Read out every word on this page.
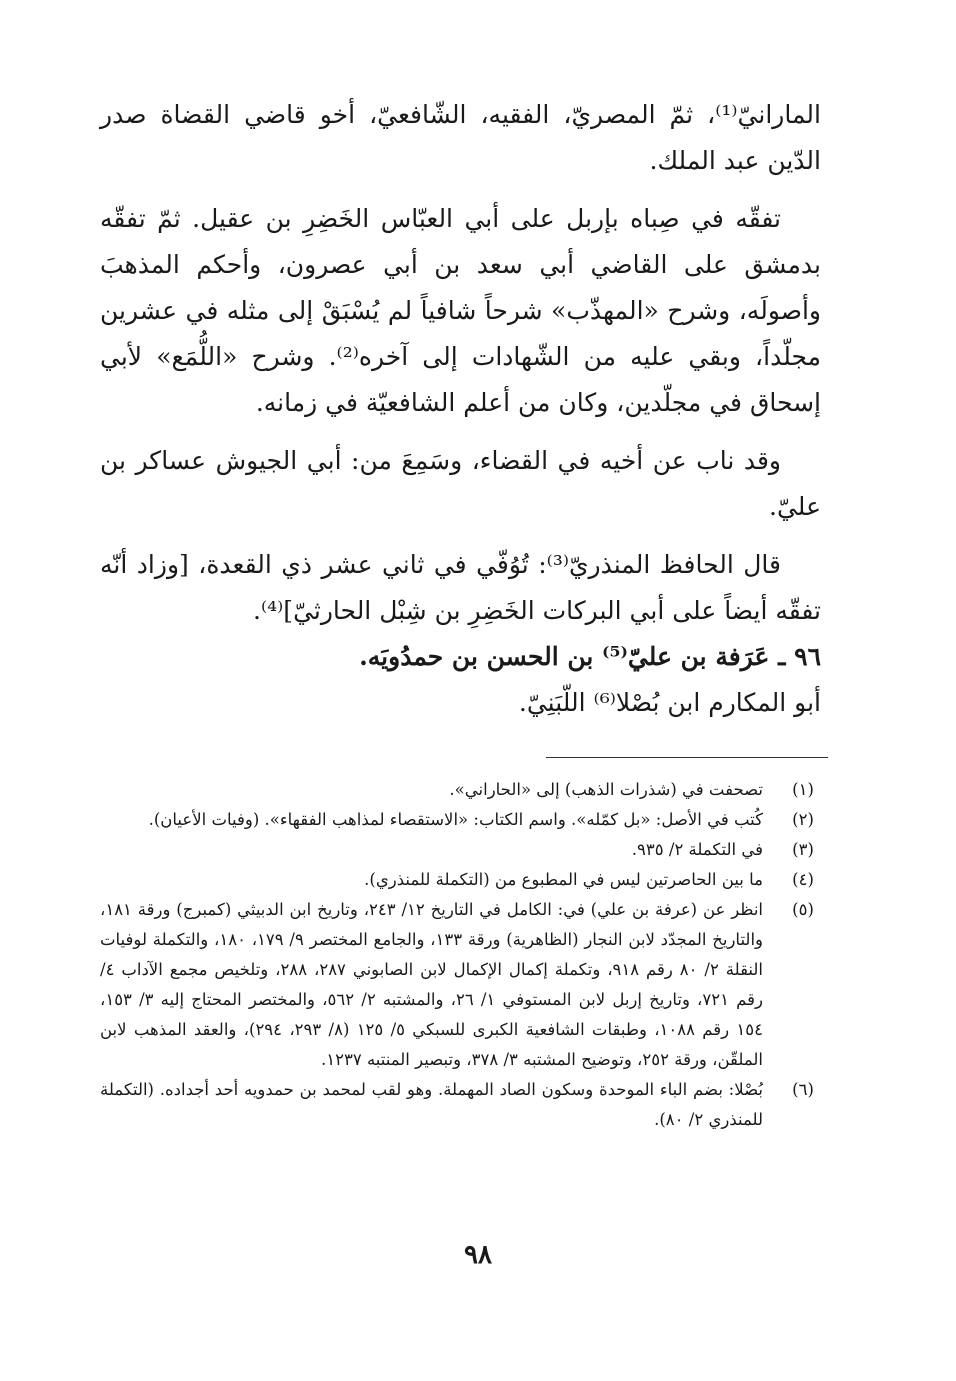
المارانيّ⁽¹⁾، ثمّ المصريّ، الفقيه، الشّافعيّ، أخو قاضي القضاة صدر الدّين عبد الملك.

تفقّه في صِباه بإربل على أبي العبّاس الخَضِرِ بن عقيل. ثمّ تفقّه بدمشق على القاضي أبي سعد بن أبي عصرون، وأحكم المذهبَ وأصولَه، وشرح «المهذّب» شرحاً شافياً لم يُسْبَقْ إلى مثله في عشرين مجلّداً، وبقي عليه من الشّهادات إلى آخره⁽²⁾. وشرح «اللُّمَع» لأبي إسحاق في مجلّدين، وكان من أعلم الشافعيّة في زمانه.

وقد ناب عن أخيه في القضاء، وسَمِعَ من: أبي الجيوش عساكر بن عليّ.

قال الحافظ المنذريّ⁽³⁾: تُوُفّي في ثاني عشر ذي القعدة، [وزاد أنّه تفقّه أيضاً على أبي البركات الخَضِرِ بن شِبْل الحارثيّ]⁽⁴⁾.

٩٦ ـ عَرَفة بن عليّ⁽⁵⁾ بن الحسن بن حمدُويَه.

أبو المكارم ابن بُصْلا⁽⁶⁾ اللّبَنِيّ.

(١)
تصحفت في (شذرات الذهب) إلى «الحاراني».

(٢)
كُتب في الأصل: «بل كمّله». واسم الكتاب: «الاستقصاء لمذاهب الفقهاء». (وفيات الأعيان).

(٣)
في التكملة ٢/ ٩٣٥.

(٤)
ما بين الحاصرتين ليس في المطبوع من (التكملة للمنذري).

(٥)
انظر عن (عرفة بن علي) في: الكامل في التاريخ ١٢/ ٢٤٣، وتاريخ ابن الدبيثي (كمبرج) ورقة ١٨١، والتاريخ المجدّد لابن النجار (الظاهرية) ورقة ١٣٣، والجامع المختصر ٩/ ١٧٩، ١٨٠، والتكملة لوفيات النقلة ٢/ ٨٠ رقم ٩١٨، وتكملة إكمال الإكمال لابن الصابوني ٢٨٧، ٢٨٨، وتلخيص مجمع الآداب ٤/ رقم ٧٢١، وتاريخ إربل لابن المستوفي ١/ ٢٦، والمشتبه ٢/ ٥٦٢، والمختصر المحتاج إليه ٣/ ١٥٣، ١٥٤ رقم ١٠٨٨، وطبقات الشافعية الكبرى للسبكي ٥/ ١٢٥ (٨/ ٢٩٣، ٢٩٤)، والعقد المذهب لابن الملقّن، ورقة ٢٥٢، وتوضيح المشتبه ٣/ ٣٧٨، وتبصير المنتبه ١٢٣٧.

(٦)
بُصْلا: بضم الباء الموحدة وسكون الصاد المهملة. وهو لقب لمحمد بن حمدويه أحد أجداده. (التكملة للمنذري ٢/ ٨٠).

٩٨
